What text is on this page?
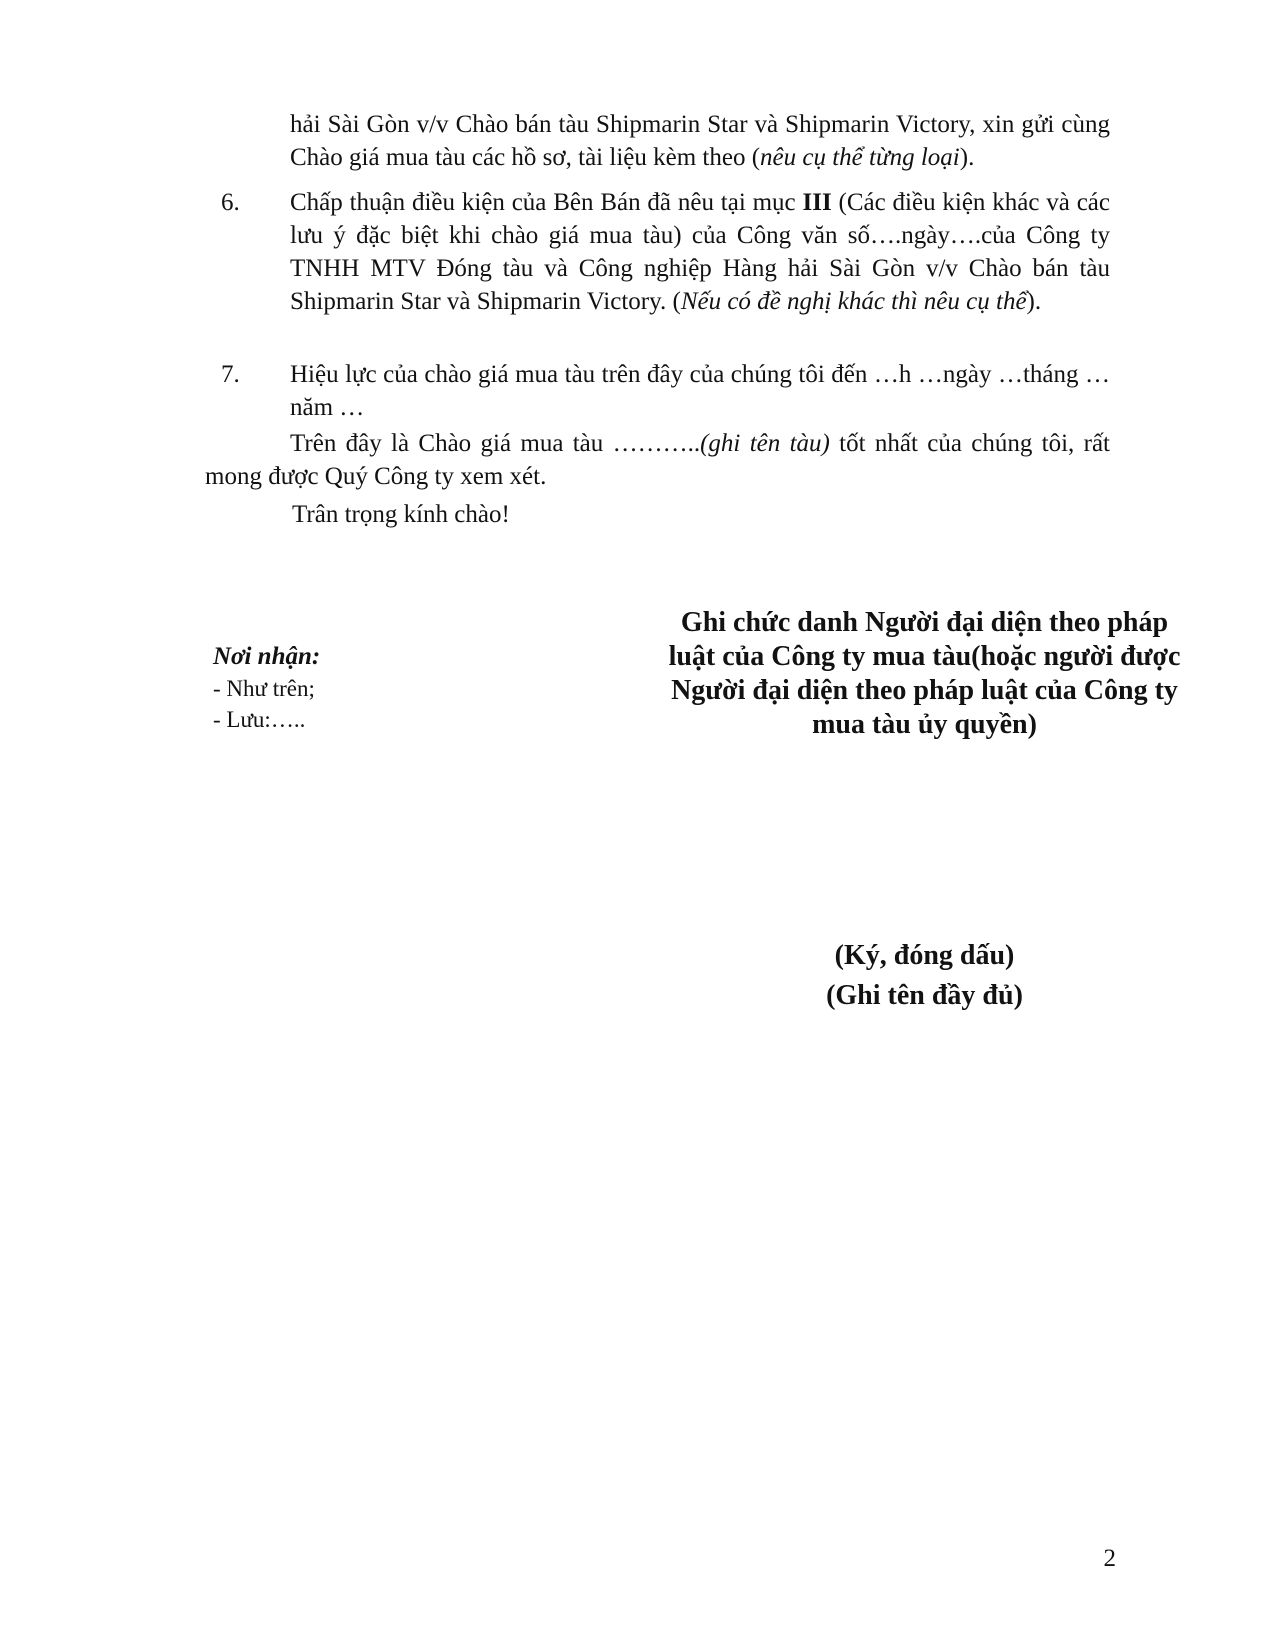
hải Sài Gòn v/v Chào bán tàu Shipmarin Star và Shipmarin Victory, xin gửi cùng Chào giá mua tàu các hồ sơ, tài liệu kèm theo (nêu cụ thể từng loại).

6. Chấp thuận điều kiện của Bên Bán đã nêu tại mục III (Các điều kiện khác và các lưu ý đặc biệt khi chào giá mua tàu) của Công văn số….ngày….của Công ty TNHH MTV Đóng tàu và Công nghiệp Hàng hải Sài Gòn v/v Chào bán tàu Shipmarin Star và Shipmarin Victory. (Nếu có đề nghị khác thì nêu cụ thể).
7. Hiệu lực của chào giá mua tàu trên đây của chúng tôi đến …h …ngày …tháng … năm …

Trên đây là Chào giá mua tàu ………..(ghi tên tàu) tốt nhất của chúng tôi, rất mong được Quý Công ty xem xét.

Trân trọng kính chào!

Nơi nhận:
- Như trên;
- Lưu:…..
Ghi chức danh Người đại diện theo pháp luật của Công ty mua tàu(hoặc người được Người đại diện theo pháp luật của Công ty mua tàu ủy quyền)
(Ký, đóng dấu)
(Ghi tên đầy đủ)
2
